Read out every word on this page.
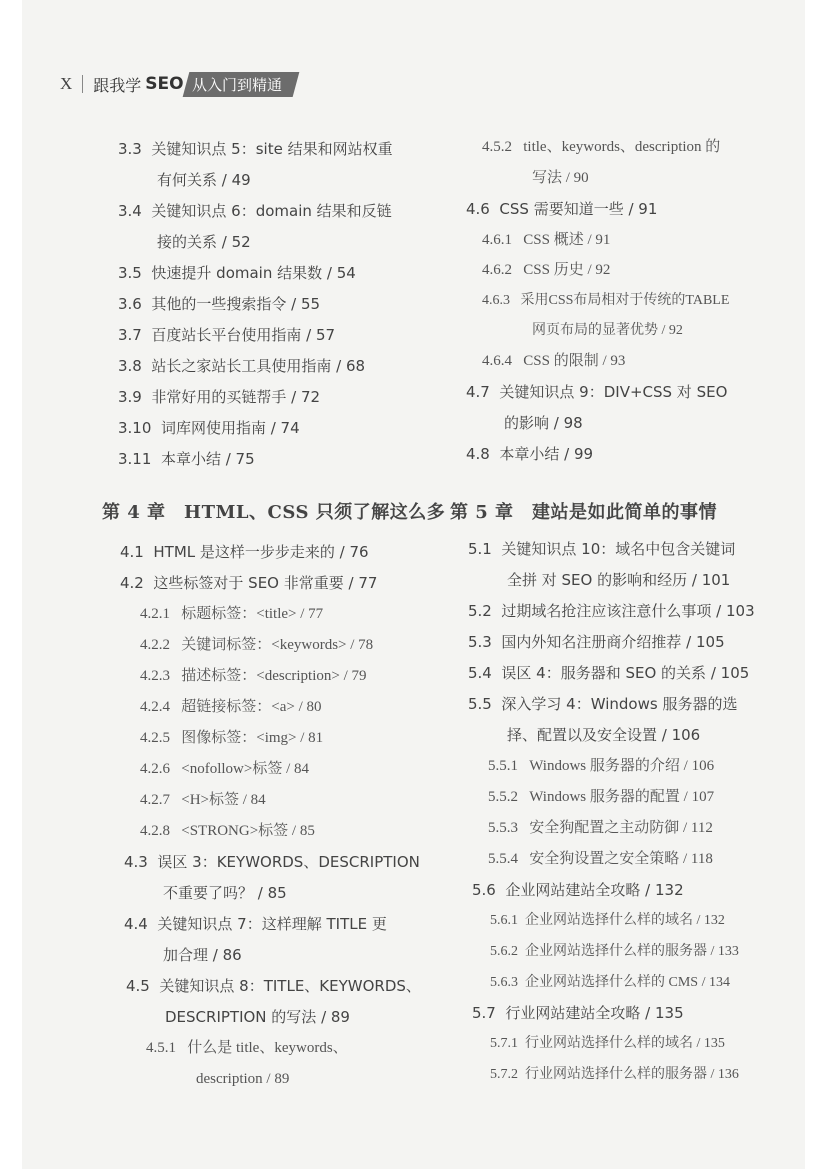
X 跟我学 SEO 从入门到精通
3.3 关键知识点 5：site 结果和网站权重
有何关系 / 49
3.4 关键知识点 6：domain 结果和反链
接的关系 / 52
3.5 快速提升 domain 结果数 / 54
3.6 其他的一些搜索指令 / 55
3.7 百度站长平台使用指南 / 57
3.8 站长之家站长工具使用指南 / 68
3.9 非常好用的买链帮手 / 72
3.10 词库网使用指南 / 74
3.11 本章小结 / 75
第 4 章　HTML、CSS 只须了解这么多
4.1 HTML 是这样一步步走来的 / 76
4.2 这些标签对于 SEO 非常重要 / 77
4.2.1 标题标签：<title> / 77
4.2.2 关键词标签：<keywords> / 78
4.2.3 描述标签：<description> / 79
4.2.4 超链接标签：<a> / 80
4.2.5 图像标签：<img> / 81
4.2.6 <nofollow>标签 / 84
4.2.7 <H>标签 / 84
4.2.8 <STRONG>标签 / 85
4.3 误区 3：KEYWORDS、DESCRIPTION
不重要了吗？ / 85
4.4 关键知识点 7：这样理解 TITLE 更
加合理 / 86
4.5 关键知识点 8：TITLE、KEYWORDS、
DESCRIPTION 的写法 / 89
4.5.1 什么是 title、keywords、
description / 89
4.5.2 title、keywords、description 的
写法 / 90
4.6 CSS 需要知道一些 / 91
4.6.1 CSS 概述 / 91
4.6.2 CSS 历史 / 92
4.6.3 采用CSS布局相对于传统的TABLE
网页布局的显著优势 / 92
4.6.4 CSS 的限制 / 93
4.7 关键知识点 9：DIV+CSS 对 SEO
的影响 / 98
4.8 本章小结 / 99
第 5 章　建站是如此简单的事情
5.1 关键知识点 10：域名中包含关键词
全拼 对 SEO 的影响和经历 / 101
5.2 过期域名抢注应该注意什么事项 / 103
5.3 国内外知名注册商介绍推荐 / 105
5.4 误区 4：服务器和 SEO 的关系 / 105
5.5 深入学习 4：Windows 服务器的选
择、配置以及安全设置 / 106
5.5.1 Windows 服务器的介绍 / 106
5.5.2 Windows 服务器的配置 / 107
5.5.3 安全狗配置之主动防御 / 112
5.5.4 安全狗设置之安全策略 / 118
5.6 企业网站建站全攻略 / 132
5.6.1 企业网站选择什么样的域名 / 132
5.6.2 企业网站选择什么样的服务器 / 133
5.6.3 企业网站选择什么样的 CMS / 134
5.7 行业网站建站全攻略 / 135
5.7.1 行业网站选择什么样的域名 / 135
5.7.2 行业网站选择什么样的服务器 / 136
